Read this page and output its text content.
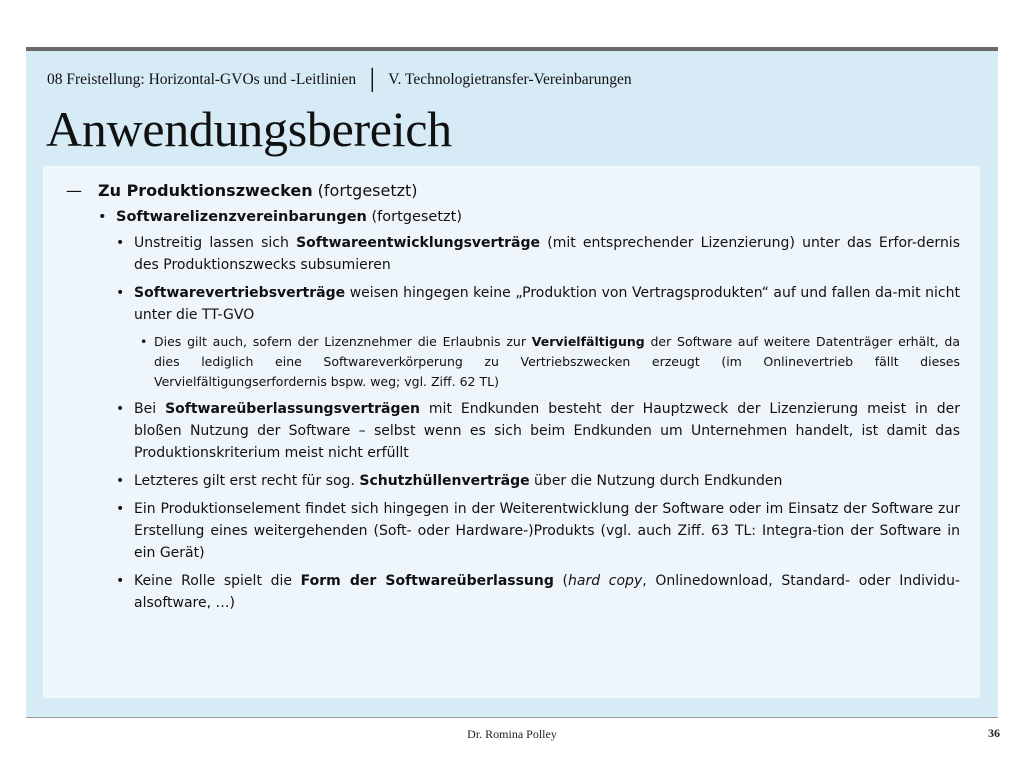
08 Freistellung: Horizontal-GVOs und -Leitlinien │ V. Technologietransfer-Vereinbarungen
Anwendungsbereich
—	Zu Produktionszwecken (fortgesetzt)
• Softwarelizenzvereinbarungen (fortgesetzt)
• Unstreitig lassen sich Softwareentwicklungsverträge (mit entsprechender Lizenzierung) unter das Erfor-dernis des Produktionszwecks subsumieren
• Softwarevertriebsverträge weisen hingegen keine „Produktion von Vertragsprodukten“ auf und fallen da-mit nicht unter die TT-GVO
• Dies gilt auch, sofern der Lizenznehmer die Erlaubnis zur Vervielfältigung der Software auf weitere Datenträger erhält, da dies lediglich eine Softwareverkörperung zu Vertriebszwecken erzeugt (im Onlinevertrieb fällt dieses Vervielfältigungserfordernis bspw. weg; vgl. Ziff. 62 TL)
• Bei Softwareüberlassungsverträgen mit Endkunden besteht der Hauptzweck der Lizenzierung meist in der bloßen Nutzung der Software – selbst wenn es sich beim Endkunden um Unternehmen handelt, ist damit das Produktionskriterium meist nicht erfüllt
• Letzteres gilt erst recht für sog. Schutzhüllenverträge über die Nutzung durch Endkunden
• Ein Produktionselement findet sich hingegen in der Weiterentwicklung der Software oder im Einsatz der Software zur Erstellung eines weitergehenden (Soft- oder Hardware-)Produkts (vgl. auch Ziff. 63 TL: Integra-tion der Software in ein Gerät)
• Keine Rolle spielt die Form der Softwareüberlassung (hard copy, Onlinedownload, Standard- oder Individu-alsoftware, …)
Dr. Romina Polley	36
